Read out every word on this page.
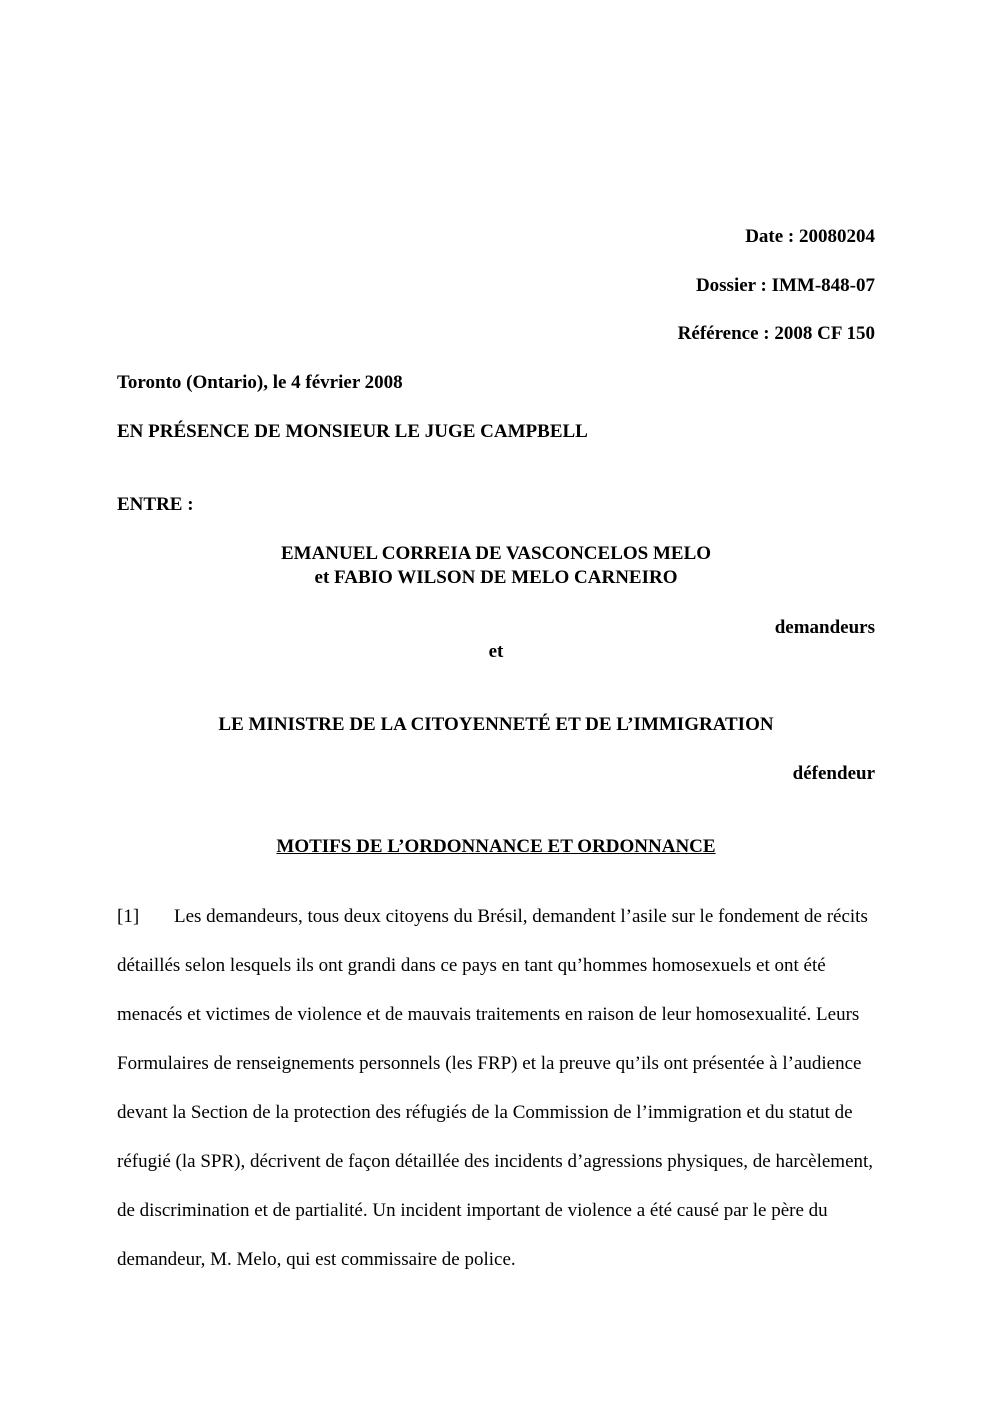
Date : 20080204
Dossier : IMM-848-07
Référence : 2008 CF 150
Toronto (Ontario), le 4 février 2008
EN PRÉSENCE DE MONSIEUR LE JUGE CAMPBELL
ENTRE :
EMANUEL CORREIA DE VASCONCELOS MELO
et FABIO WILSON DE MELO CARNEIRO
demandeurs
et
LE MINISTRE DE LA CITOYENNETÉ ET DE L’IMMIGRATION
défendeur
MOTIFS DE L’ORDONNANCE ET ORDONNANCE
[1] Les demandeurs, tous deux citoyens du Brésil, demandent l’asile sur le fondement de récits
détaillés selon lesquels ils ont grandi dans ce pays en tant qu’hommes homosexuels et ont été
menacés et victimes de violence et de mauvais traitements en raison de leur homosexualité. Leurs
Formulaires de renseignements personnels (les FRP) et la preuve qu’ils ont présentée à l’audience
devant la Section de la protection des réfugiés de la Commission de l’immigration et du statut de
réfugié (la SPR), décrivent de façon détaillée des incidents d’agressions physiques, de harcèlement,
de discrimination et de partialité. Un incident important de violence a été causé par le père du
demandeur, M. Melo, qui est commissaire de police.
